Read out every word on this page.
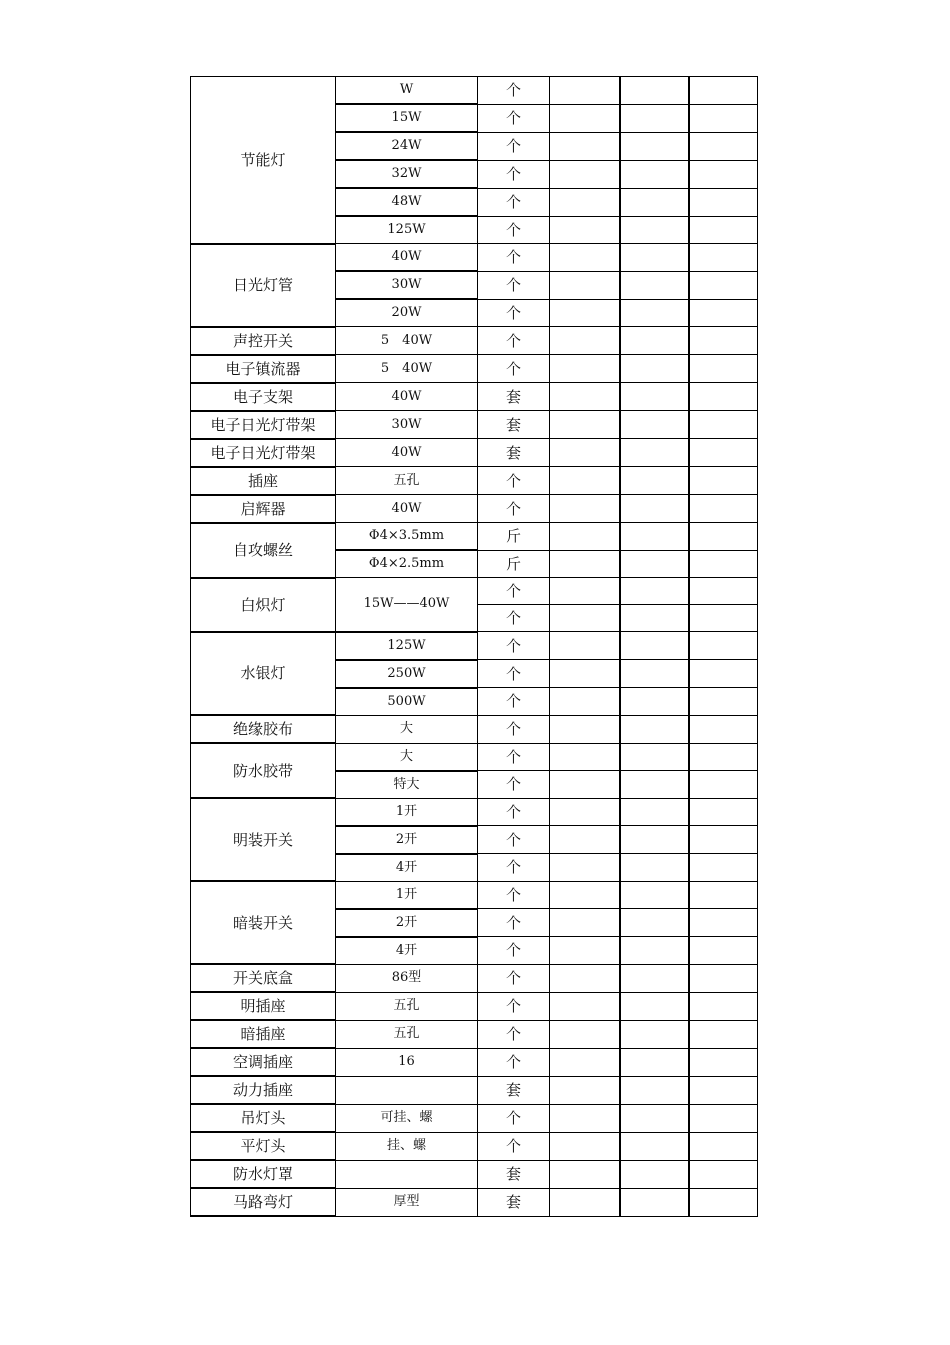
节能灯	W	个			
	15W	个			
	24W	个			
	32W	个			
	48W	个			
	125W	个			
日光灯管	40W	个			
	30W	个			
	20W	个			
声控开关	5　40W	个			
电子镇流器	5　40W	个			
电子支架	40W	套			
电子日光灯带架	30W	套			
电子日光灯带架	40W	套			
插座	五孔	个			
启辉器	40W	个			
自攻螺丝	Φ4×3.5mm	斤			
	Φ4×2.5mm	斤			
白炽灯	15W——40W	个			
		个			
水银灯	125W	个			
	250W	个			
	500W	个			
绝缘胶布	大	个			
防水胶带	大	个			
	特大	个			
明装开关	1开	个			
	2开	个			
	4开	个			
暗装开关	1开	个			
	2开	个			
	4开	个			
开关底盒	86型	个			
明插座	五孔	个			
暗插座	五孔	个			
空调插座	16	个			
动力插座		套			
吊灯头	可挂、螺	个			
平灯头	挂、螺	个			
防水灯罩		套			
马路弯灯	厚型	套			
